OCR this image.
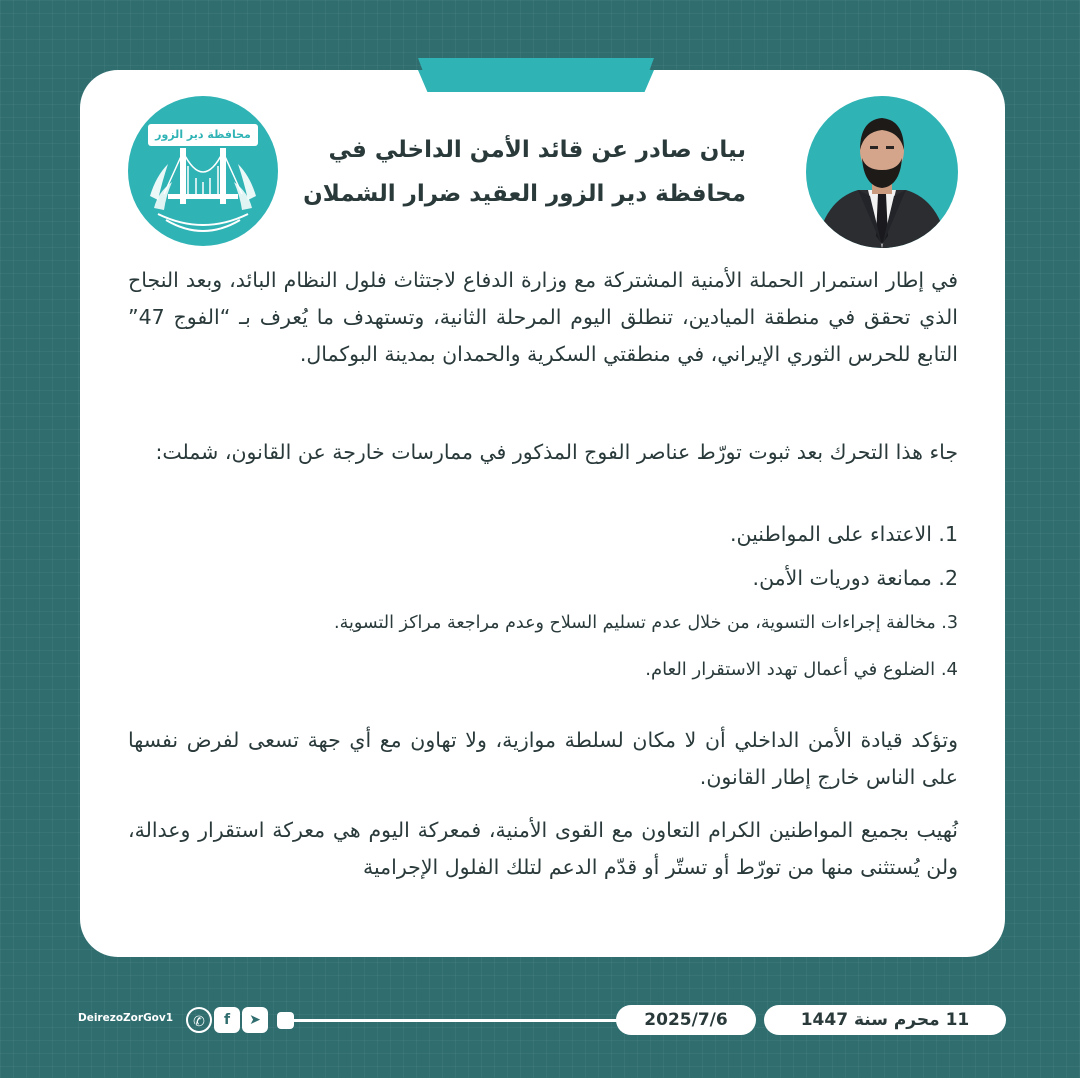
محافظة دير الزور
بيان صادر عن قائد الأمن الداخلي في
محافظة دير الزور العقيد ضرار الشملان
في إطار استمرار الحملة الأمنية المشتركة مع وزارة الدفاع لاجتثاث فلول النظام البائد، وبعد النجاح الذي تحقق في منطقة الميادين، تنطلق اليوم المرحلة الثانية، وتستهدف ما يُعرف بـ “الفوج 47” التابع للحرس الثوري الإيراني، في منطقتي السكرية والحمدان بمدينة البوكمال.
جاء هذا التحرك بعد ثبوت تورّط عناصر الفوج المذكور في ممارسات خارجة عن القانون، شملت:
1. الاعتداء على المواطنين.
2. ممانعة دوريات الأمن.
3. مخالفة إجراءات التسوية، من خلال عدم تسليم السلاح وعدم مراجعة مراكز التسوية.
4. الضلوع في أعمال تهدد الاستقرار العام.
وتؤكد قيادة الأمن الداخلي أن لا مكان لسلطة موازية، ولا تهاون مع أي جهة تسعى لفرض نفسها على الناس خارج إطار القانون.
نُهيب بجميع المواطنين الكرام التعاون مع القوى الأمنية، فمعركة اليوم هي معركة استقرار وعدالة، ولن يُستثنى منها من تورّط أو تستّر أو قدّم الدعم لتلك الفلول الإجرامية
2025/7/6	11 محرم سنة 1447
➤
f
✆
DeirezoZorGov1
